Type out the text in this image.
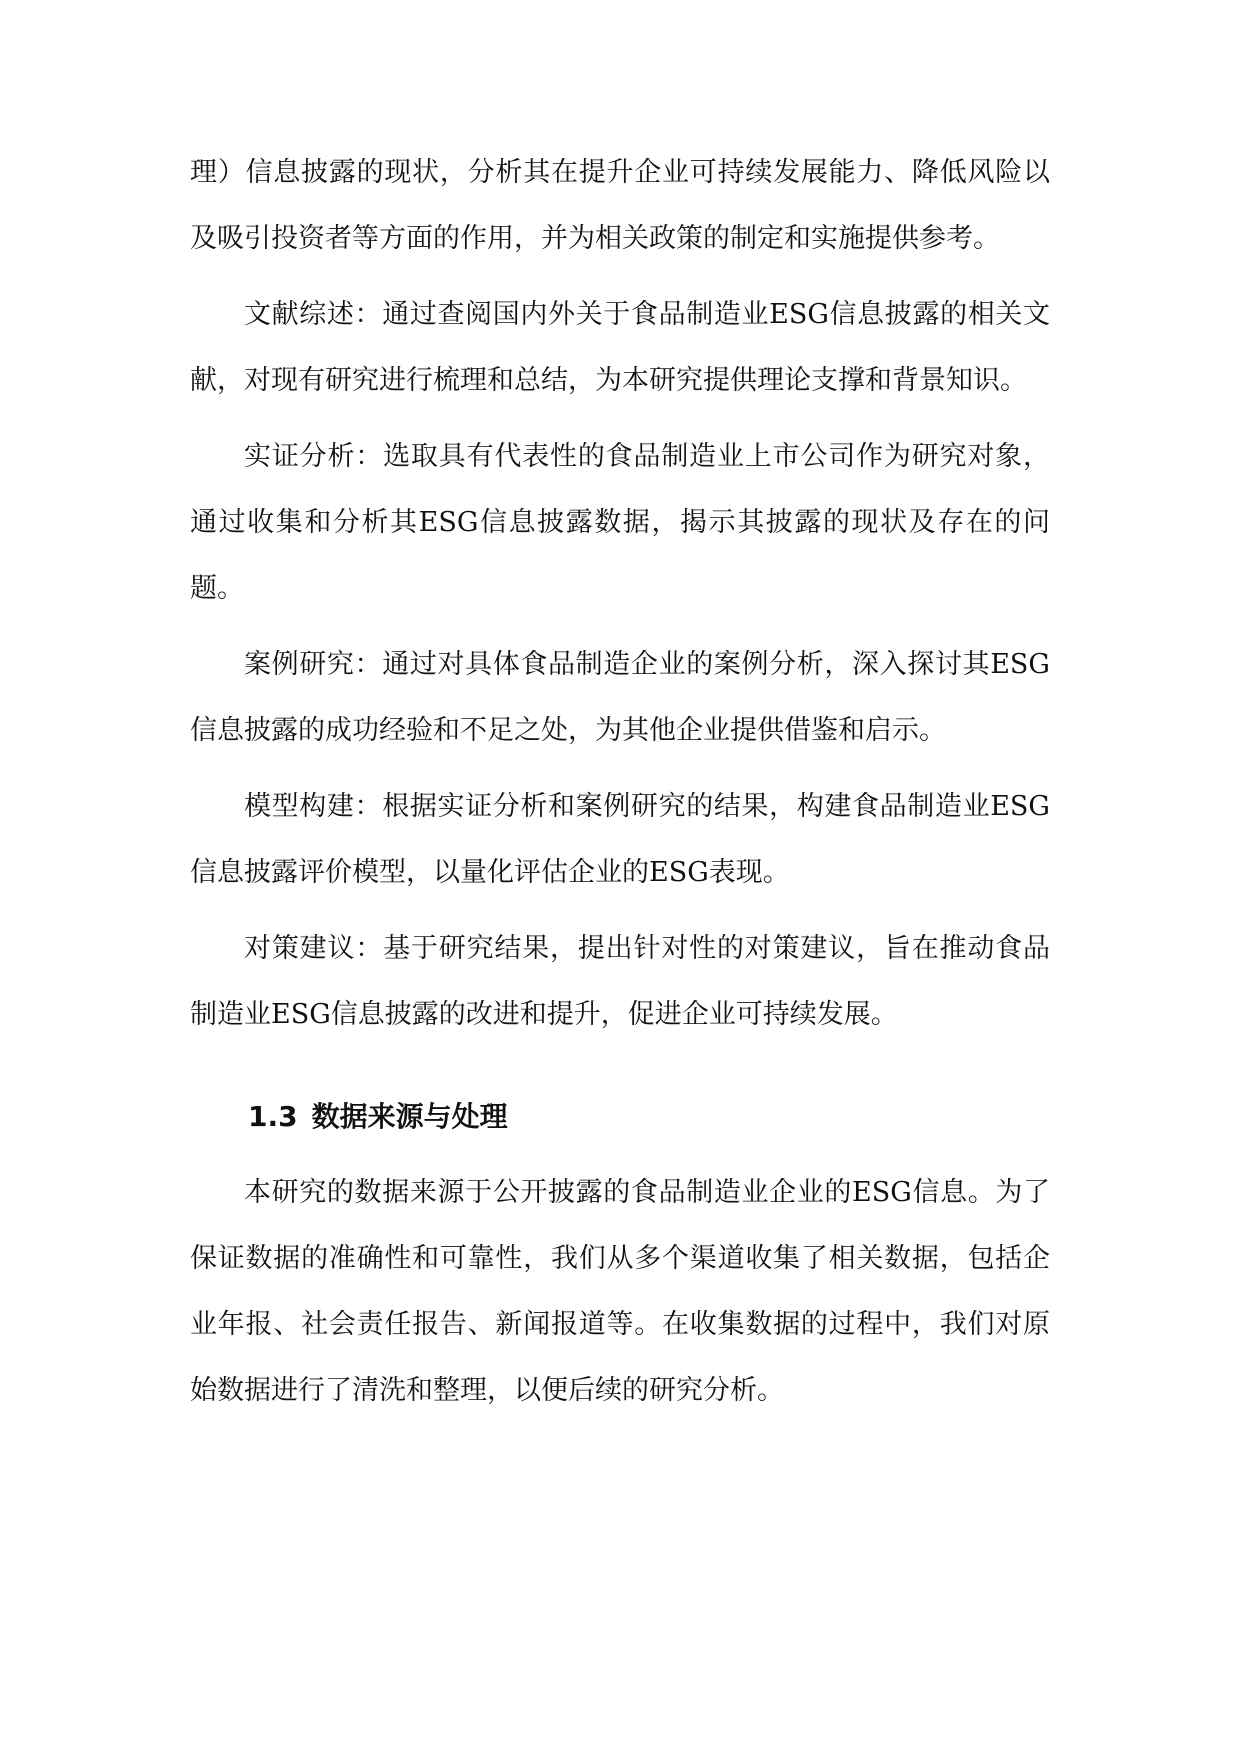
理）信息披露的现状，分析其在提升企业可持续发展能力、降低风险以及吸引投资者等方面的作用，并为相关政策的制定和实施提供参考。

文献综述：通过查阅国内外关于食品制造业ESG信息披露的相关文献，对现有研究进行梳理和总结，为本研究提供理论支撑和背景知识。

实证分析：选取具有代表性的食品制造业上市公司作为研究对象，通过收集和分析其ESG信息披露数据，揭示其披露的现状及存在的问题。

案例研究：通过对具体食品制造企业的案例分析，深入探讨其ESG信息披露的成功经验和不足之处，为其他企业提供借鉴和启示。

模型构建：根据实证分析和案例研究的结果，构建食品制造业ESG信息披露评价模型，以量化评估企业的ESG表现。

对策建议：基于研究结果，提出针对性的对策建议，旨在推动食品制造业ESG信息披露的改进和提升，促进企业可持续发展。

1.3 数据来源与处理

本研究的数据来源于公开披露的食品制造业企业的ESG信息。为了保证数据的准确性和可靠性，我们从多个渠道收集了相关数据，包括企业年报、社会责任报告、新闻报道等。在收集数据的过程中，我们对原始数据进行了清洗和整理，以便后续的研究分析。
